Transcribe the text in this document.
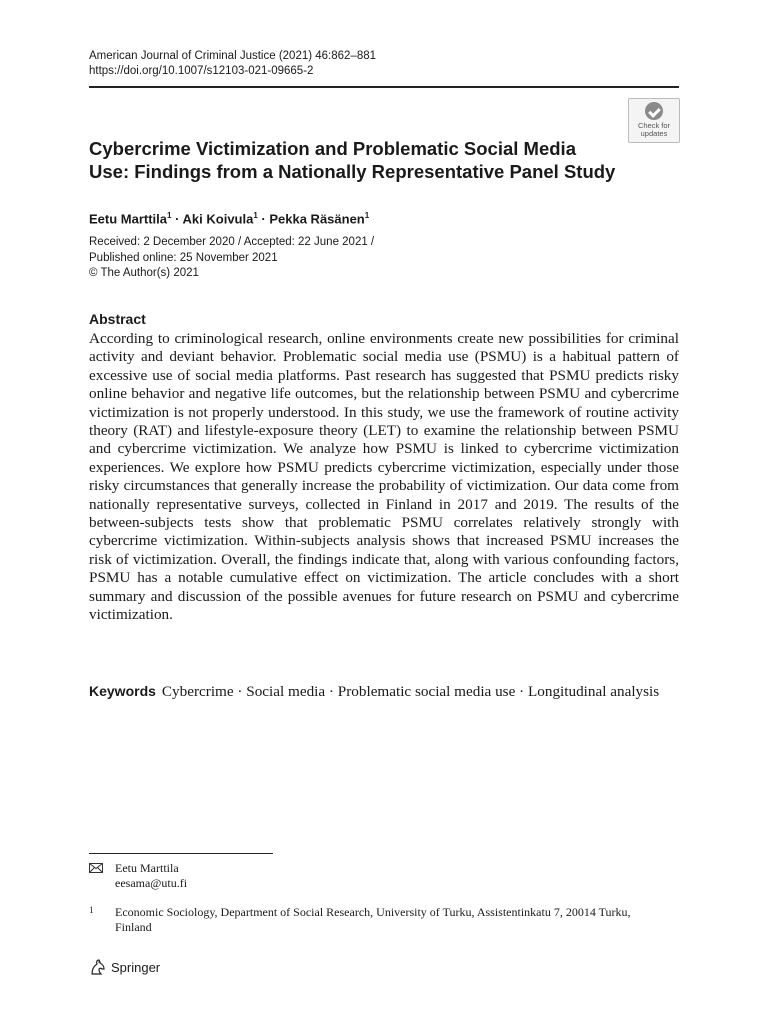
American Journal of Criminal Justice (2021) 46:862–881
https://doi.org/10.1007/s12103-021-09665-2
Check for
updates
Cybercrime Victimization and Problematic Social Media
Use: Findings from a Nationally Representative Panel Study
Eetu Marttila$^1$ · Aki Koivula$^1$ · Pekka Räsänen$^1$
Received: 2 December 2020 / Accepted: 22 June 2021 /
Published online: 25 November 2021
© The Author(s) 2021
Abstract

According to criminological research, online environments create new possibilities for criminal activity and deviant behavior. Problematic social media use (PSMU) is a habitual pattern of excessive use of social media platforms. Past research has suggested that PSMU predicts risky online behavior and negative life outcomes, but the relationship between PSMU and cybercrime victimization is not properly understood. In this study, we use the framework of routine activity theory (RAT) and lifestyle-exposure theory (LET) to examine the relationship between PSMU and cybercrime victimization. We analyze how PSMU is linked to cybercrime victimization experiences. We explore how PSMU predicts cybercrime victimization, especially under those risky circumstances that generally increase the probability of victimization. Our data come from nationally representative surveys, collected in Finland in 2017 and 2019. The results of the between-subjects tests show that problematic PSMU correlates relatively strongly with cybercrime victimization. Within-subjects analysis shows that increased PSMU increases the risk of victimization. Overall, the findings indicate that, along with various confounding factors, PSMU has a notable cumulative effect on victimization. The article concludes with a short summary and discussion of the possible avenues for future research on PSMU and cybercrime victimization.

Keywords Cybercrime · Social media · Problematic social media use · Longitudinal analysis
Eetu Marttila
eesama@utu.fi
1 Economic Sociology, Department of Social Research, University of Turku, Assistentinkatu 7, 20014 Turku, Finland
Springer
